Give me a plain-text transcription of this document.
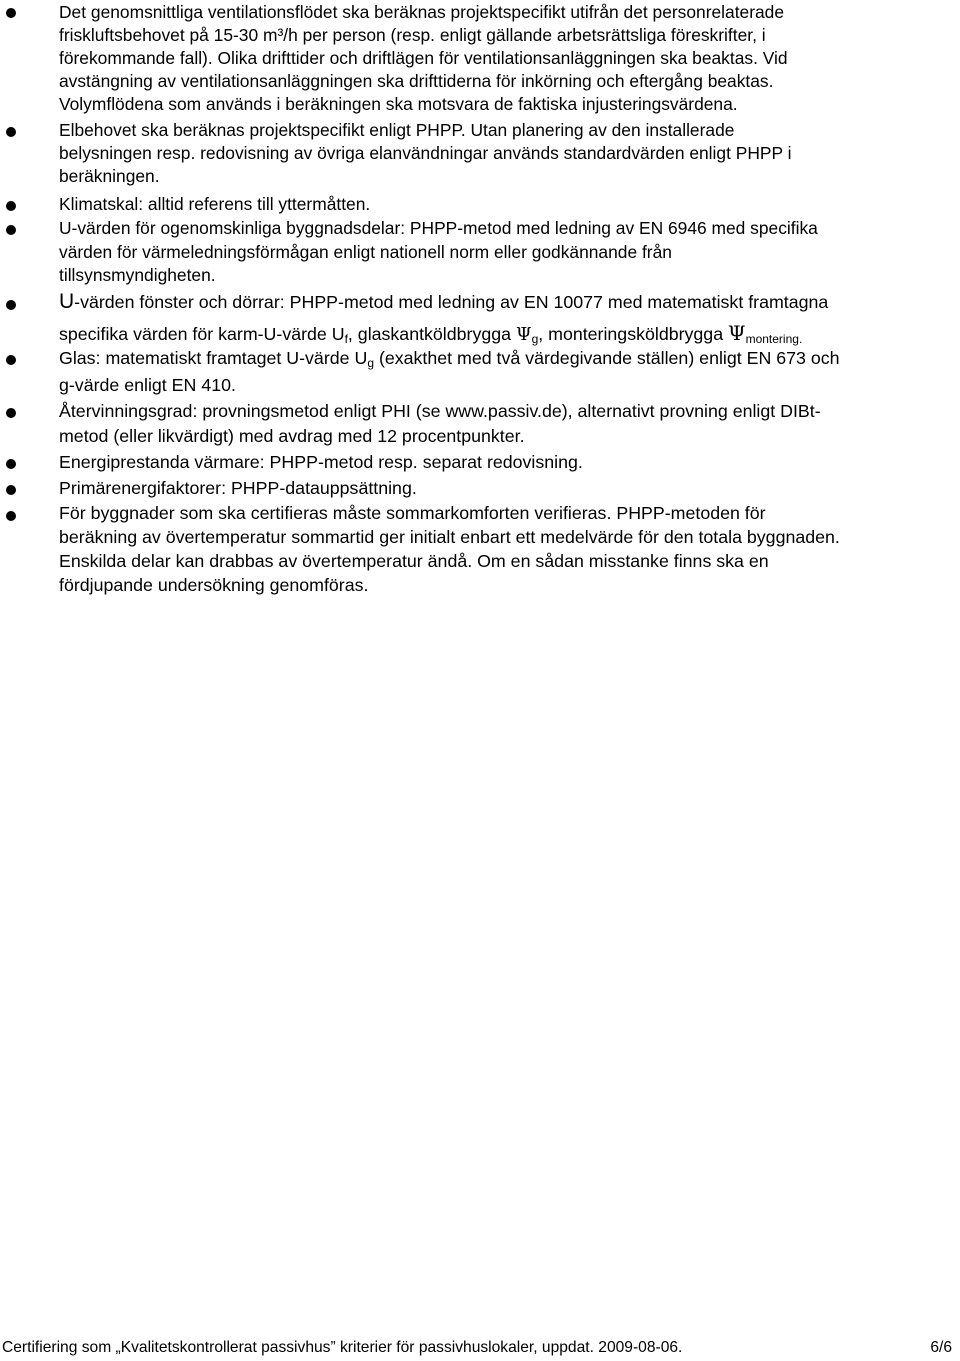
Det genomsnittliga ventilationsflödet ska beräknas projektspecifikt utifrån det personrelaterade
friskluftsbehovet på 15-30 m³/h per person (resp. enligt gällande arbetsrättsliga föreskrifter, i
förekommande fall). Olika drifttider och driftlägen för ventilationsanläggningen ska beaktas. Vid
avstängning av ventilationsanläggningen ska drifttiderna för inkörning och eftergång beaktas.
Volymflödena som används i beräkningen ska motsvara de faktiska injusteringsvärdena.
Elbehovet ska beräknas projektspecifikt enligt PHPP. Utan planering av den installerade
belysningen resp. redovisning av övriga elanvändningar används standardvärden enligt PHPP i
beräkningen.
Klimatskal: alltid referens till yttermåtten.
U-värden för ogenomskinliga byggnadsdelar: PHPP-metod med ledning av EN 6946 med specifika
värden för värmeledningsförmågan enligt nationell norm eller godkännande från
tillsynsmyndigheten.
U-värden fönster och dörrar: PHPP-metod med ledning av EN 10077 med matematiskt framtagna
specifika värden för karm-U-värde $U_f$, glaskantköldbrygga $\Psi_g$, monteringsköldbrygga $\Psi_{montering.}$
Glas: matematiskt framtaget U-värde $U_g$ (exakthet med två värdegivande ställen) enligt EN 673 och
g-värde enligt EN 410.
Återvinningsgrad: provningsmetod enligt PHI (se www.passiv.de), alternativt provning enligt DIBt-
metod (eller likvärdigt) med avdrag med 12 procentpunkter.
Energiprestanda värmare: PHPP-metod resp. separat redovisning.
Primärenergifaktorer: PHPP-datauppsättning.
För byggnader som ska certifieras måste sommarkomforten verifieras. PHPP-metoden för
beräkning av övertemperatur sommartid ger initialt enbart ett medelvärde för den totala byggnaden.
Enskilda delar kan drabbas av övertemperatur ändå. Om en sådan misstanke finns ska en
fördjupande undersökning genomföras.
Certifiering som „Kvalitetskontrollerat passivhus” kriterier för passivhuslokaler, uppdat. 2009-08-06.	6/6
